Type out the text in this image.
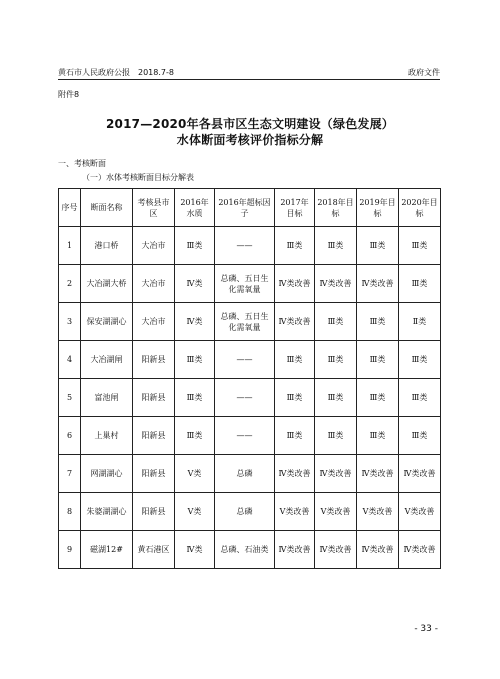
黄石市人民政府公报　2018.7-8	政府文件
附件8
2017—2020年各县市区生态文明建设（绿色发展）
水体断面考核评价指标分解
一、考核断面
（一）水体考核断面目标分解表
序号	断面名称	考核县市区	2016年水质	2016年超标因子	2017年目标	2018年目标	2019年目标	2020年目标
1	港口桥	大冶市	Ⅲ类	——	Ⅲ类	Ⅲ类	Ⅲ类	Ⅲ类
2	大冶湖大桥	大冶市	Ⅳ类	总磷、五日生化需氧量	Ⅳ类改善	Ⅳ类改善	Ⅳ类改善	Ⅲ类
3	保安湖湖心	大冶市	Ⅳ类	总磷、五日生化需氧量	Ⅳ类改善	Ⅲ类	Ⅲ类	Ⅱ类
4	大冶湖闸	阳新县	Ⅲ类	——	Ⅲ类	Ⅲ类	Ⅲ类	Ⅲ类
5	富池闸	阳新县	Ⅲ类	——	Ⅲ类	Ⅲ类	Ⅲ类	Ⅲ类
6	上巢村	阳新县	Ⅲ类	——	Ⅲ类	Ⅲ类	Ⅲ类	Ⅲ类
7	网湖湖心	阳新县	Ⅴ类	总磷	Ⅳ类改善	Ⅳ类改善	Ⅳ类改善	Ⅳ类改善
8	朱婆湖湖心	阳新县	Ⅴ类	总磷	Ⅴ类改善	Ⅴ类改善	Ⅴ类改善	Ⅴ类改善
9	磁湖12#	黄石港区	Ⅳ类	总磷、石油类	Ⅳ类改善	Ⅳ类改善	Ⅳ类改善	Ⅳ类改善
- 33 -
